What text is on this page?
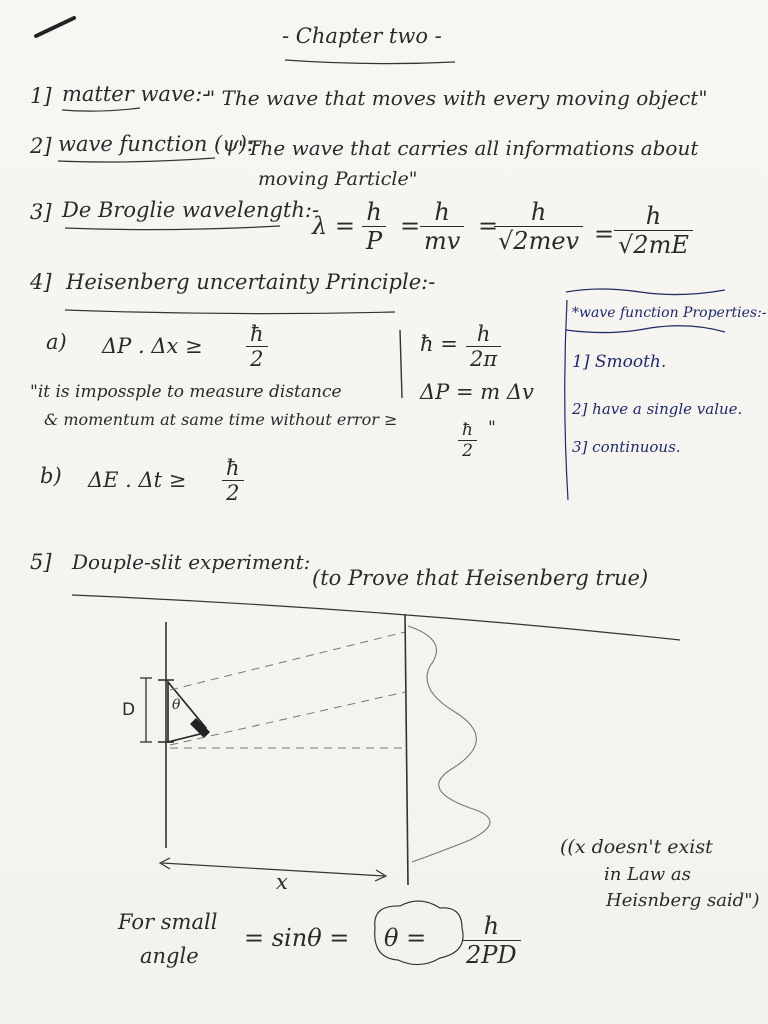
- Chapter two -
1] matter wave:-
" The wave that moves with every moving object"
2] wave function (ψ):-
"The wave that carries all informations about
moving Particle"
3] De Broglie wavelength:-
$\lambda = \frac{h}{P} = \frac{h}{mv}$ =	h
$√2mev = \frac{h}{√2mE}$
4] Heisenberg uncertainty Principle:-
a) ΔP . $\Delta x \ge \frac{ħ}{2}$	ħ = $\frac{h}{2\pi}$
ΔP = m Δv
"it is impossple to measure distance
& momentum at same time without error ≥
$\frac{ħ}{2}$ "
b) ΔE . $\Delta t \ge \frac{ħ}{2}$
*wave function Properties:-
1] Smooth.
2] have a single value.
3] continuous.
5] Douple-slit experiment:
(to Prove that Heisenberg true)
D	θ
x
((x doesn't exist
in Law as
Heisnberg said")
For small
angle
= $\sin\theta = \theta = \frac{h}{2PD}$
